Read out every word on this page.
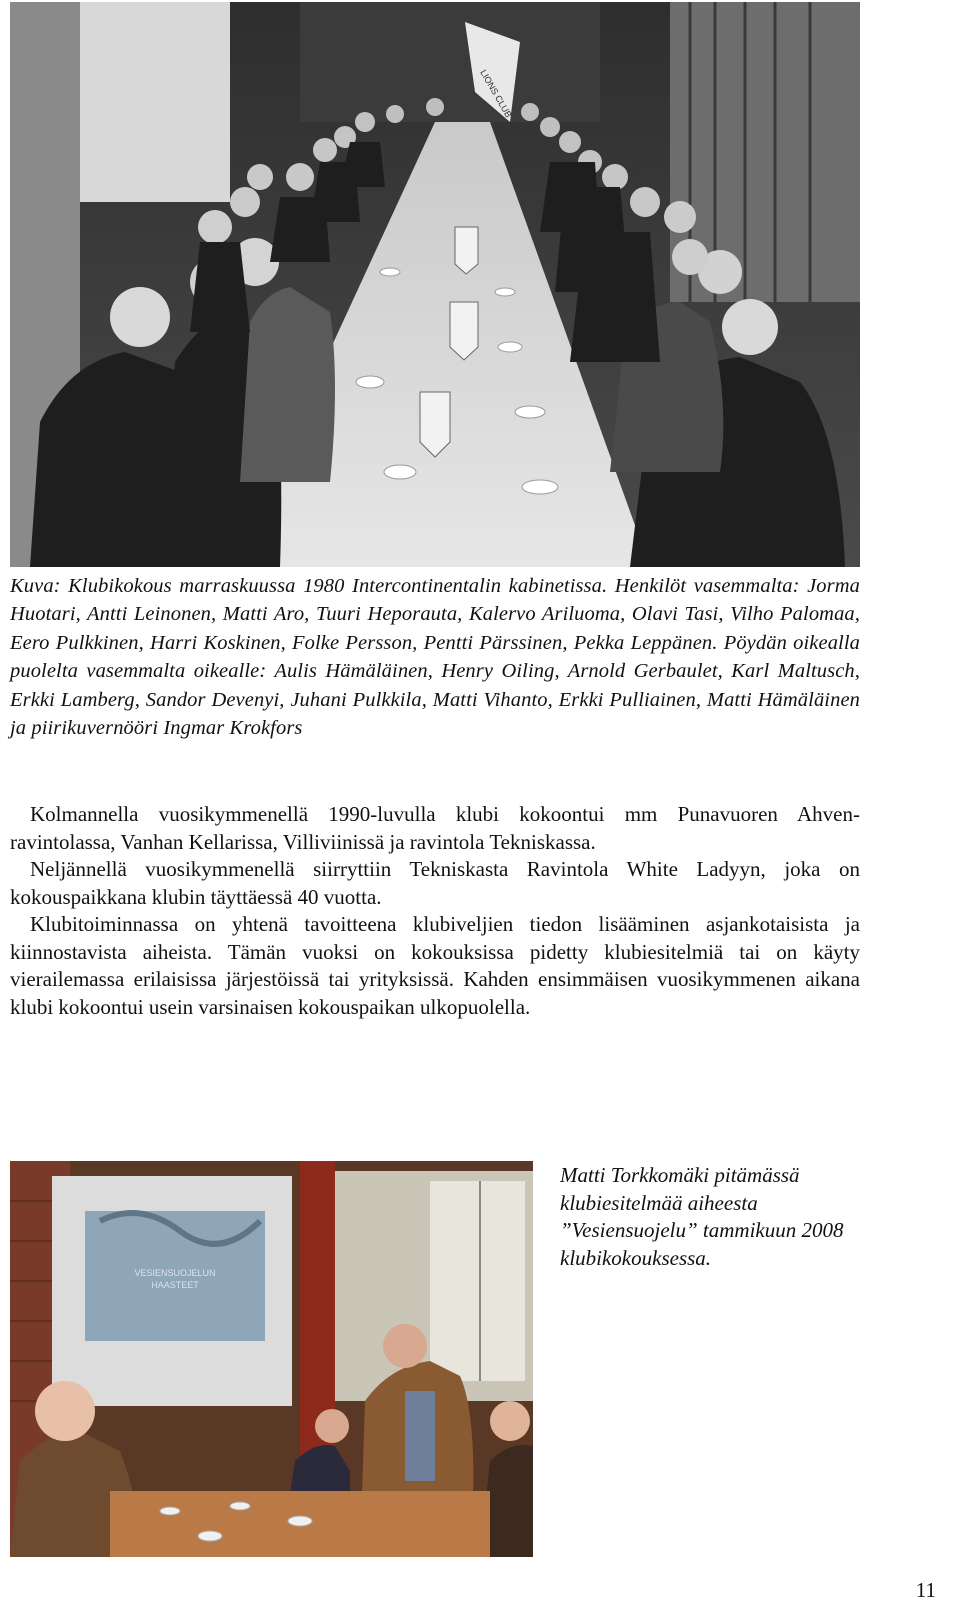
LIONS CLUB

Kuva: Klubikokous marraskuussa 1980 Intercontinentalin kabinetissa. Henkilöt vasemmalta: Jorma Huotari, Antti Leinonen, Matti Aro, Tuuri Heporauta, Kalervo Ariluoma, Olavi Tasi, Vilho Palomaa, Eero Pulkkinen, Harri Koskinen, Folke Persson, Pentti Pärssinen, Pekka Leppänen. Pöydän oikealla puolelta vasemmalta oikealle: Aulis Hämäläinen, Henry Oiling, Arnold Gerbaulet, Karl Maltusch, Erkki Lamberg, Sandor Devenyi, Juhani Pulkkila, Matti Vihanto, Erkki Pulliainen, Matti Hämäläinen ja piirikuvernööri Ingmar Krokfors

Kolmannella vuosikymmenellä 1990-luvulla klubi kokoontui mm Punavuoren Ahven-ravintolassa, Vanhan Kellarissa, Villiviinissä ja ravintola Tekniskassa.

Neljännellä vuosikymmenellä siirryttiin Tekniskasta Ravintola White Ladyyn, joka on kokouspaikkana klubin täyttäessä 40 vuotta.

Klubitoiminnassa on yhtenä tavoitteena klubiveljien tiedon lisääminen asjankotaisista ja kiinnostavista aiheista. Tämän vuoksi on kokouksissa pidetty klubiesitelmiä tai on käyty vierailemassa erilaisissa järjestöissä tai yrityksissä. Kahden ensimmäisen vuosikymmenen aikana klubi kokoontui usein varsinaisen kokouspaikan ulkopuolella.

VESIENSUOJELUN
HAASTEET

Matti Torkkomäki pitämässä klubiesitelmää aiheesta ”Vesiensuojelu” tammikuun 2008 klubikokouksessa.

11
